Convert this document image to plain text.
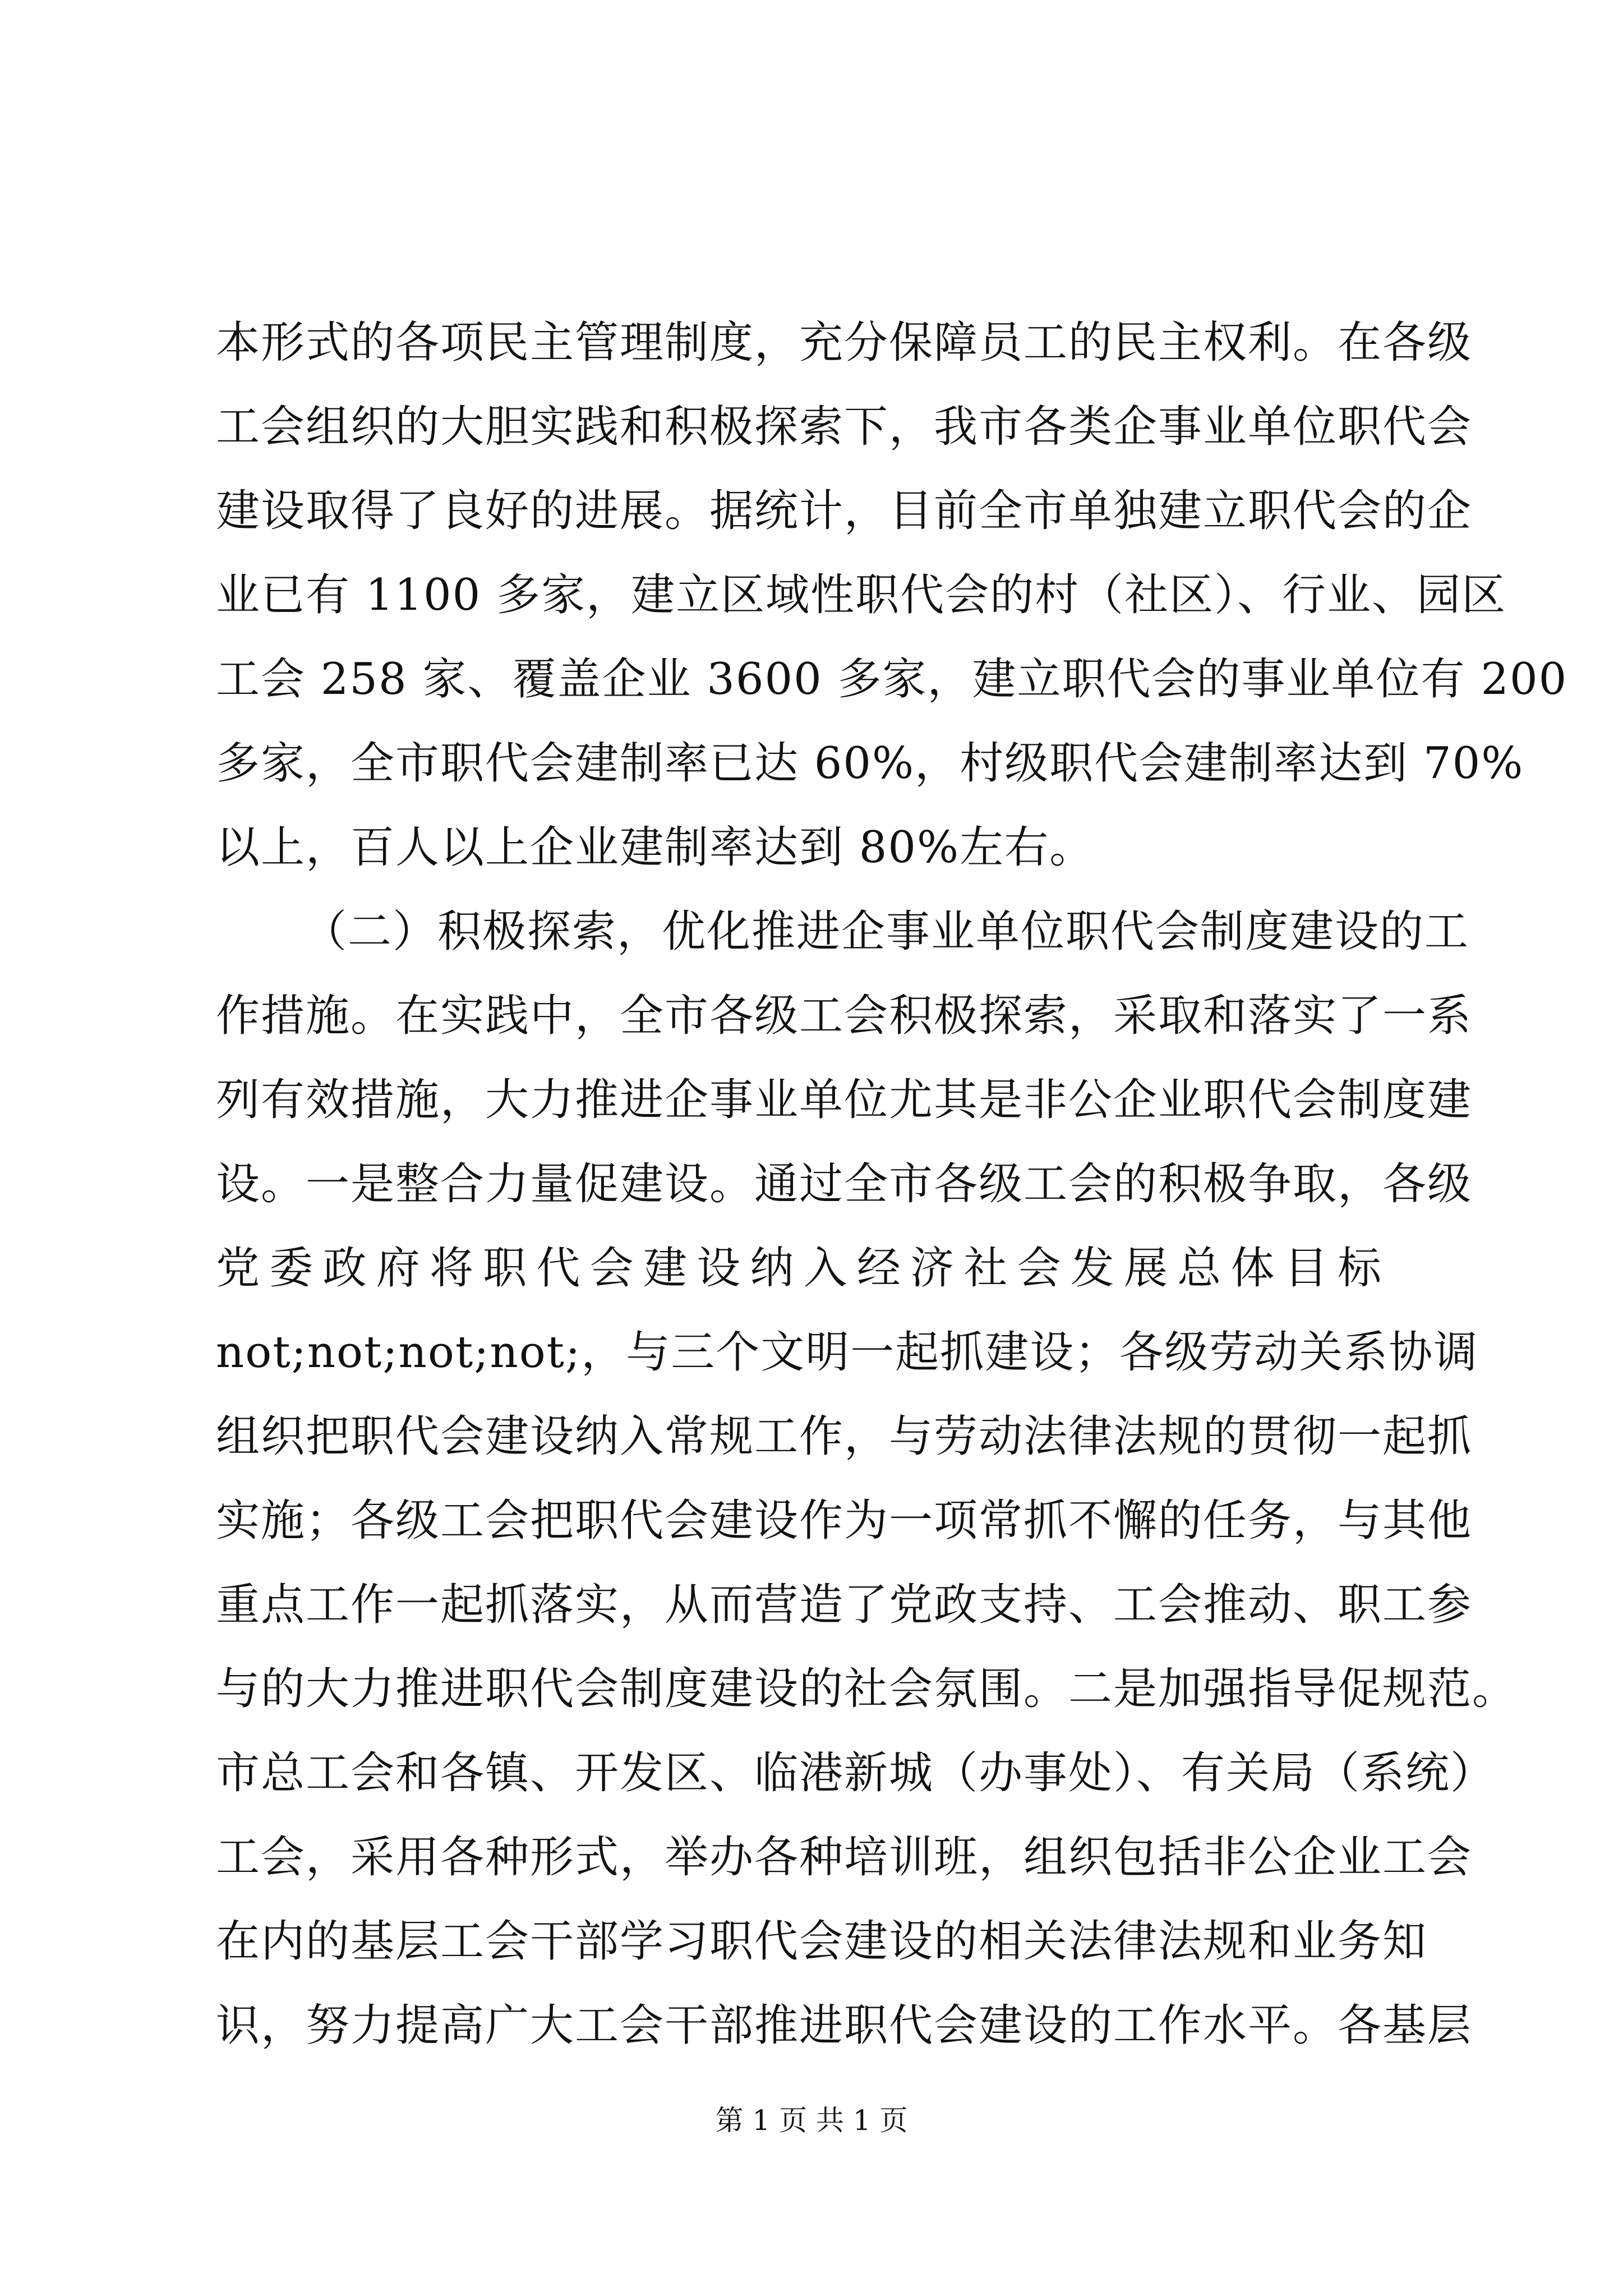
本形式的各项民主管理制度，充分保障员工的民主权利。在各级
工会组织的大胆实践和积极探索下，我市各类企事业单位职代会
建设取得了良好的进展。据统计，目前全市单独建立职代会的企
业已有 1100 多家，建立区域性职代会的村（社区）、行业、园区
工会 258 家、覆盖企业 3600 多家，建立职代会的事业单位有 200
多家，全市职代会建制率已达 60%，村级职代会建制率达到 70%
以上，百人以上企业建制率达到 80%左右。
（二）积极探索，优化推进企事业单位职代会制度建设的工
作措施。在实践中，全市各级工会积极探索，采取和落实了一系
列有效措施，大力推进企事业单位尤其是非公企业职代会制度建
设。一是整合力量促建设。通过全市各级工会的积极争取，各级
党委政府将职代会建设纳入经济社会发展总体目标
not;not;not;not;，与三个文明一起抓建设；各级劳动关系协调
组织把职代会建设纳入常规工作，与劳动法律法规的贯彻一起抓
实施；各级工会把职代会建设作为一项常抓不懈的任务，与其他
重点工作一起抓落实，从而营造了党政支持、工会推动、职工参
与的大力推进职代会制度建设的社会氛围。二是加强指导促规范。
市总工会和各镇、开发区、临港新城（办事处）、有关局（系统）
工会，采用各种形式，举办各种培训班，组织包括非公企业工会
在内的基层工会干部学习职代会建设的相关法律法规和业务知
识，努力提高广大工会干部推进职代会建设的工作水平。各基层
第 1 页 共 1 页
